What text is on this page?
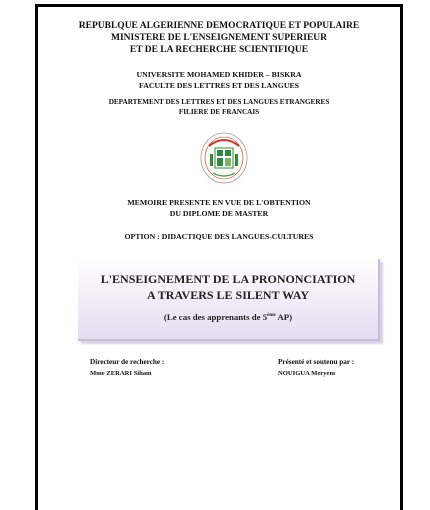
REPUBLQUE ALGERIENNE DEMOCRATIQUE ET POPULAIRE
MINISTERE DE L'ENSEIGNEMENT SUPERIEUR
ET DE LA RECHERCHE SCIENTIFIQUE
UNIVERSITE MOHAMED KHIDER – BISKRA
FACULTE DES LETTRES ET DES LANGUES
DEPARTEMENT DES LETTRES ET DES LANGUES ETRANGERES
FILIERE DE FRANCAIS
MEMOIRE PRESENTE EN VUE DE L'OBTENTION
DU DIPLOME DE MASTER
OPTION : DIDACTIQUE DES LANGUES-CULTURES
L'ENSEIGNEMENT DE LA PRONONCIATION
A TRAVERS LE SILENT WAY
(Le cas des apprenants de 5ème AP)
Directeur de recherche :
Mme ZERARI Siham
Présenté et soutenu par :
NOUIGUA Meryem
